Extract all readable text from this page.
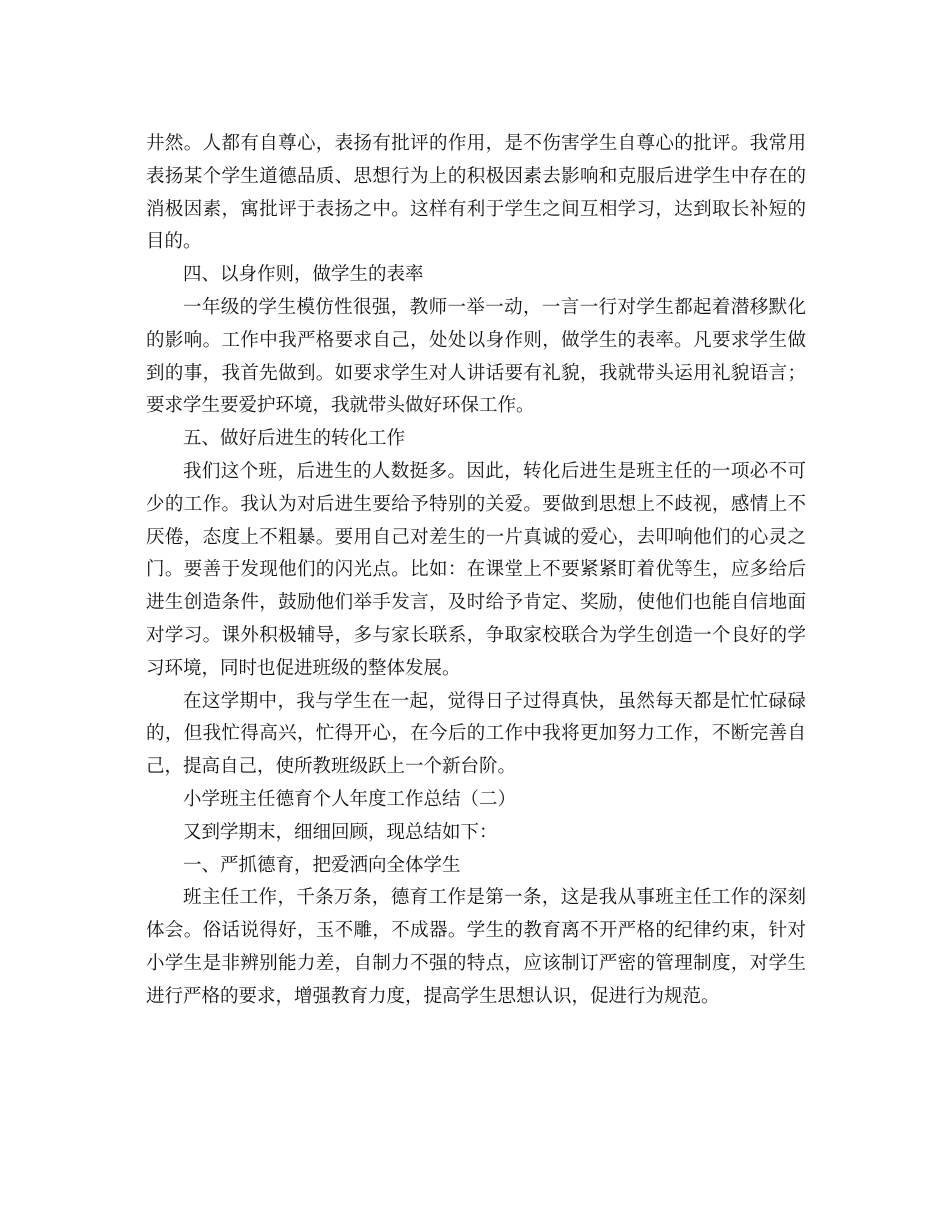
井然。人都有自尊心，表扬有批评的作用，是不伤害学生自尊心的批评。我常用表扬某个学生道德品质、思想行为上的积极因素去影响和克服后进学生中存在的消极因素，寓批评于表扬之中。这样有利于学生之间互相学习，达到取长补短的目的。

四、以身作则，做学生的表率

一年级的学生模仿性很强，教师一举一动，一言一行对学生都起着潜移默化的影响。工作中我严格要求自己，处处以身作则，做学生的表率。凡要求学生做到的事，我首先做到。如要求学生对人讲话要有礼貌，我就带头运用礼貌语言；要求学生要爱护环境，我就带头做好环保工作。

五、做好后进生的转化工作

我们这个班，后进生的人数挺多。因此，转化后进生是班主任的一项必不可少的工作。我认为对后进生要给予特别的关爱。要做到思想上不歧视，感情上不厌倦，态度上不粗暴。要用自己对差生的一片真诚的爱心，去叩响他们的心灵之门。要善于发现他们的闪光点。比如：在课堂上不要紧紧盯着优等生，应多给后进生创造条件，鼓励他们举手发言，及时给予肯定、奖励，使他们也能自信地面对学习。课外积极辅导，多与家长联系，争取家校联合为学生创造一个良好的学习环境，同时也促进班级的整体发展。

在这学期中，我与学生在一起，觉得日子过得真快，虽然每天都是忙忙碌碌的，但我忙得高兴，忙得开心，在今后的工作中我将更加努力工作，不断完善自己，提高自己，使所教班级跃上一个新台阶。

小学班主任德育个人年度工作总结（二）

又到学期末，细细回顾，现总结如下：

一、严抓德育，把爱洒向全体学生

班主任工作，千条万条，德育工作是第一条，这是我从事班主任工作的深刻体会。俗话说得好，玉不雕，不成器。学生的教育离不开严格的纪律约束，针对小学生是非辨别能力差，自制力不强的特点，应该制订严密的管理制度，对学生进行严格的要求，增强教育力度，提高学生思想认识，促进行为规范。
